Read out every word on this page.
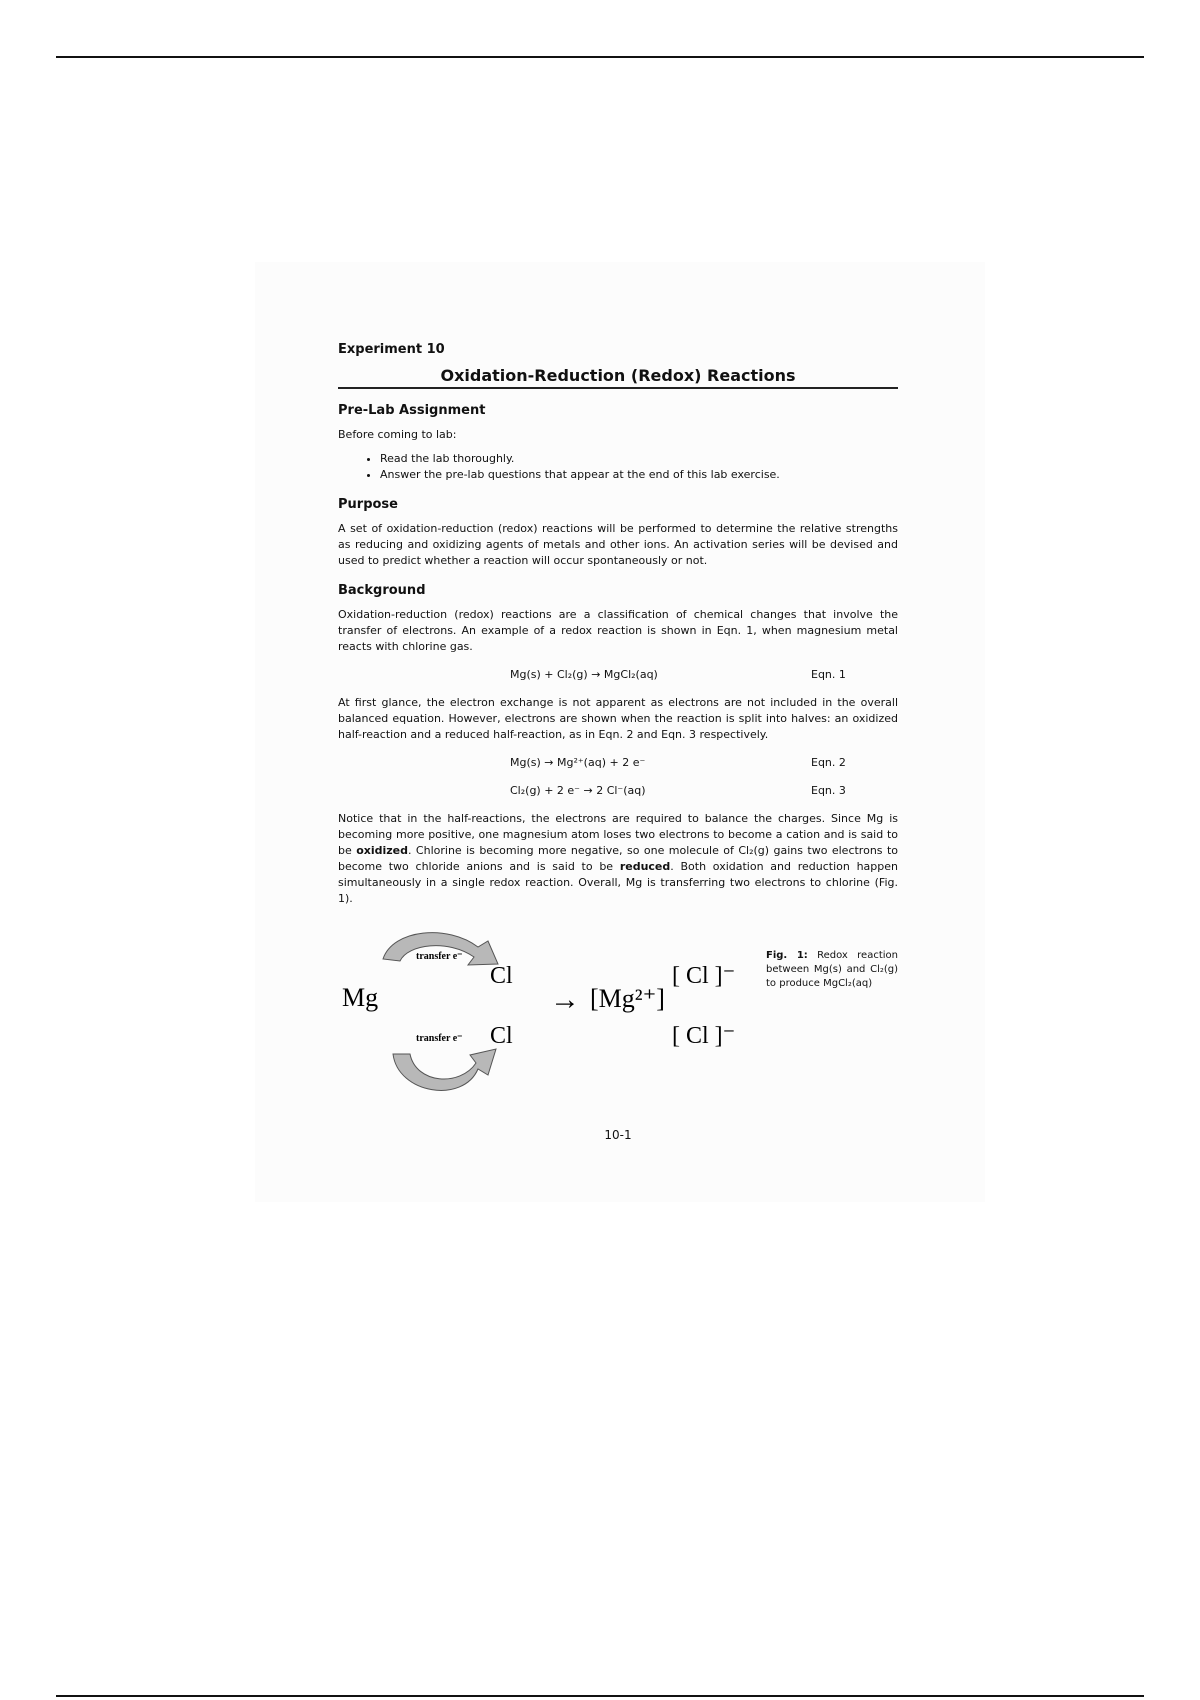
Experiment 10
Oxidation-Reduction (Redox) Reactions
Pre-Lab Assignment

Before coming to lab:

• Read the lab thoroughly.
• Answer the pre-lab questions that appear at the end of this lab exercise.
Purpose

A set of oxidation-reduction (redox) reactions will be performed to determine the relative strengths as reducing and oxidizing agents of metals and other ions. An activation series will be devised and used to predict whether a reaction will occur spontaneously or not.

Background

Oxidation-reduction (redox) reactions are a classification of chemical changes that involve the transfer of electrons. An example of a redox reaction is shown in Eqn. 1, when magnesium metal reacts with chlorine gas.

Mg(s) + Cl₂(g) → MgCl₂(aq)	Eqn. 1

At first glance, the electron exchange is not apparent as electrons are not included in the overall balanced equation. However, electrons are shown when the reaction is split into halves: an oxidized half-reaction and a reduced half-reaction, as in Eqn. 2 and Eqn. 3 respectively.

Mg(s) → Mg²⁺(aq) + 2 e⁻	Eqn. 2
Cl₂(g) + 2 e⁻ → 2 Cl⁻(aq)	Eqn. 3

Notice that in the half-reactions, the electrons are required to balance the charges. Since Mg is becoming more positive, one magnesium atom loses two electrons to become a cation and is said to be oxidized. Chlorine is becoming more negative, so one molecule of Cl₂(g) gains two electrons to become two chloride anions and is said to be reduced. Both oxidation and reduction happen simultaneously in a single redox reaction. Overall, Mg is transferring two electrons to chlorine (Fig. 1).

transfer e⁻
transfer e⁻
Mg
Cl
Cl
→ [Mg²⁺]
[ Cl ]⁻
[ Cl ]⁻
Fig. 1: Redox reaction between Mg(s) and Cl₂(g) to produce MgCl₂(aq)
10-1
